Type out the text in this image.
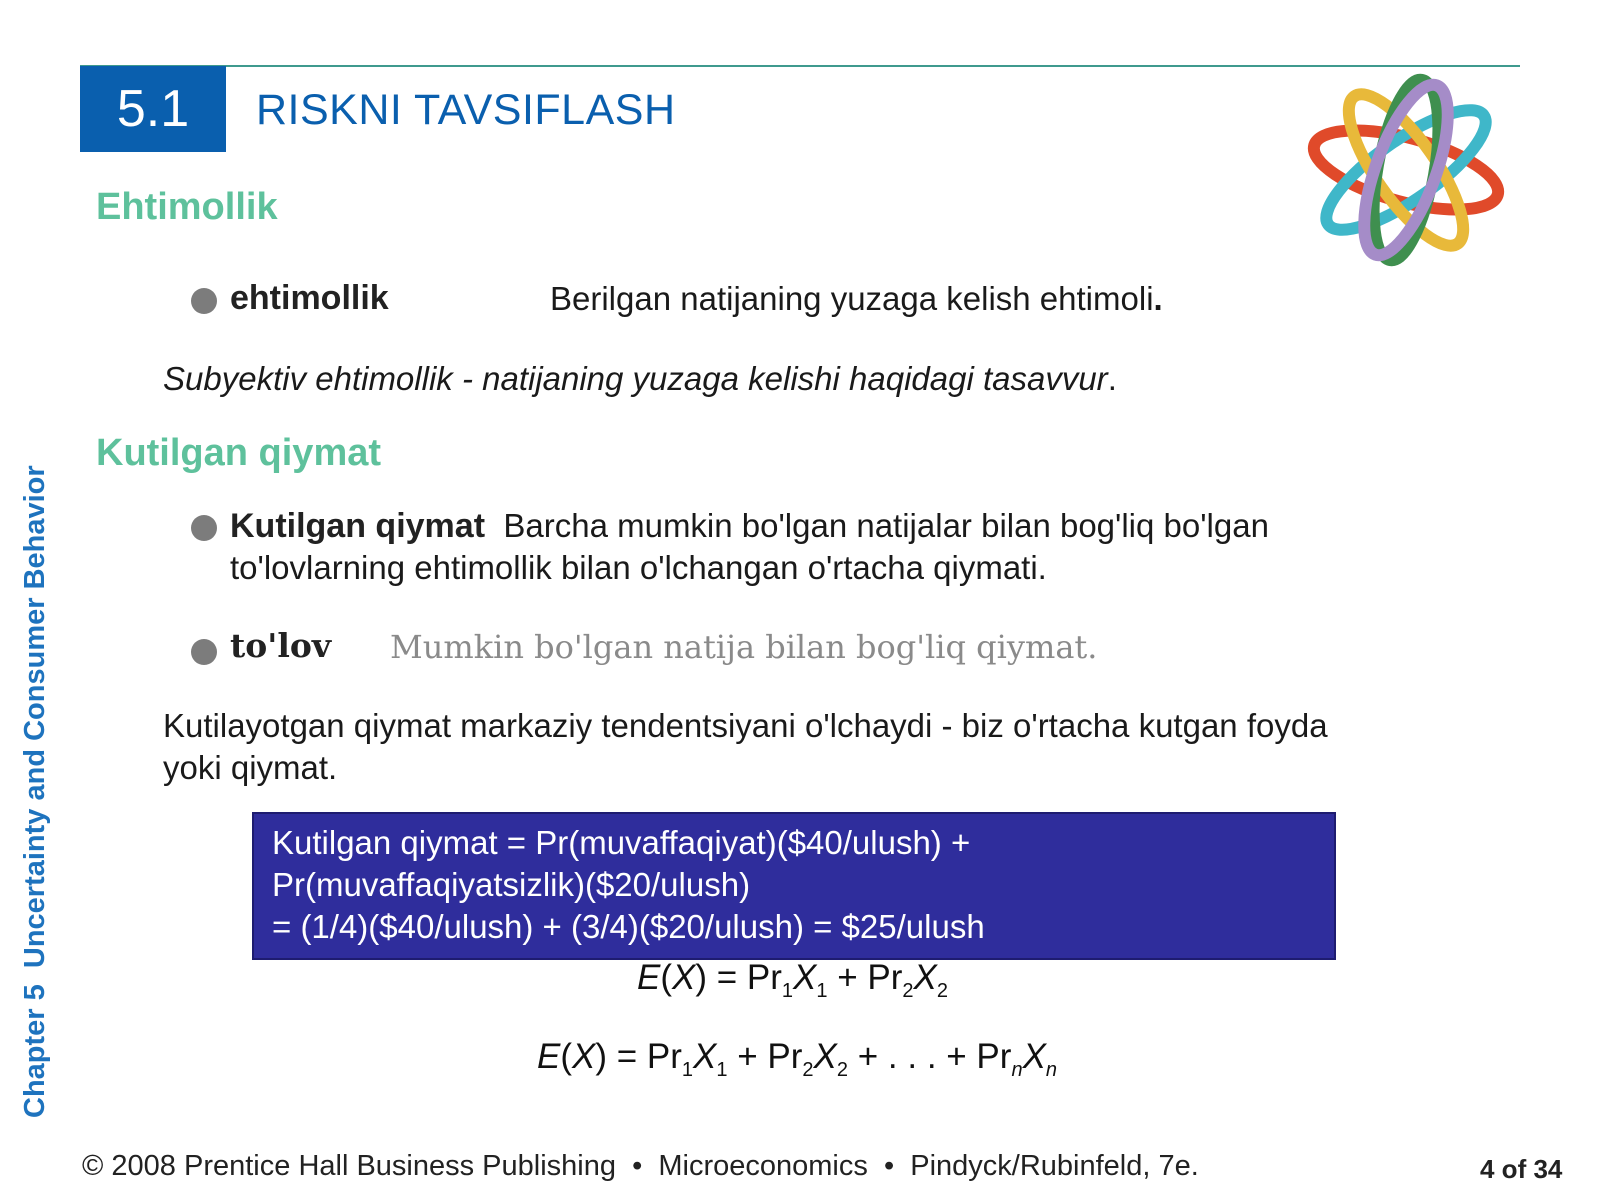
5.1	RISKNI TAVSIFLASH
Ehtimollik
ehtimollik	Berilgan natijaning yuzaga kelish ehtimoli.
Subyektiv ehtimollik - natijaning yuzaga kelishi haqidagi tasavvur.
Kutilgan qiymat
Kutilgan qiymat Barcha mumkin bo'lgan natijalar bilan bog'liq bo'lgan
to'lovlarning ehtimollik bilan o'lchangan o'rtacha qiymati.
to'lov Mumkin bo'lgan natija bilan bog'liq qiymat.
Kutilayotgan qiymat markaziy tendentsiyani o'lchaydi - biz o'rtacha kutgan foyda
yoki qiymat.
Kutilgan qiymat = Pr(muvaffaqiyat)($40/ulush) +
Pr(muvaffaqiyatsizlik)($20/ulush)
= (1/4)($40/ulush) + (3/4)($20/ulush) = $25/ulush
$E(X) = Pr_1X_1 + Pr_2X_2$
$E(X) = Pr_1X_1 + Pr_2X_2$ + . . . + $Pr_nX_n$
Chapter 5  Uncertainty and Consumer Behavior
© 2008 Prentice Hall Business Publishing  •  Microeconomics  •  Pindyck/Rubinfeld, 7e.	4 of 34
